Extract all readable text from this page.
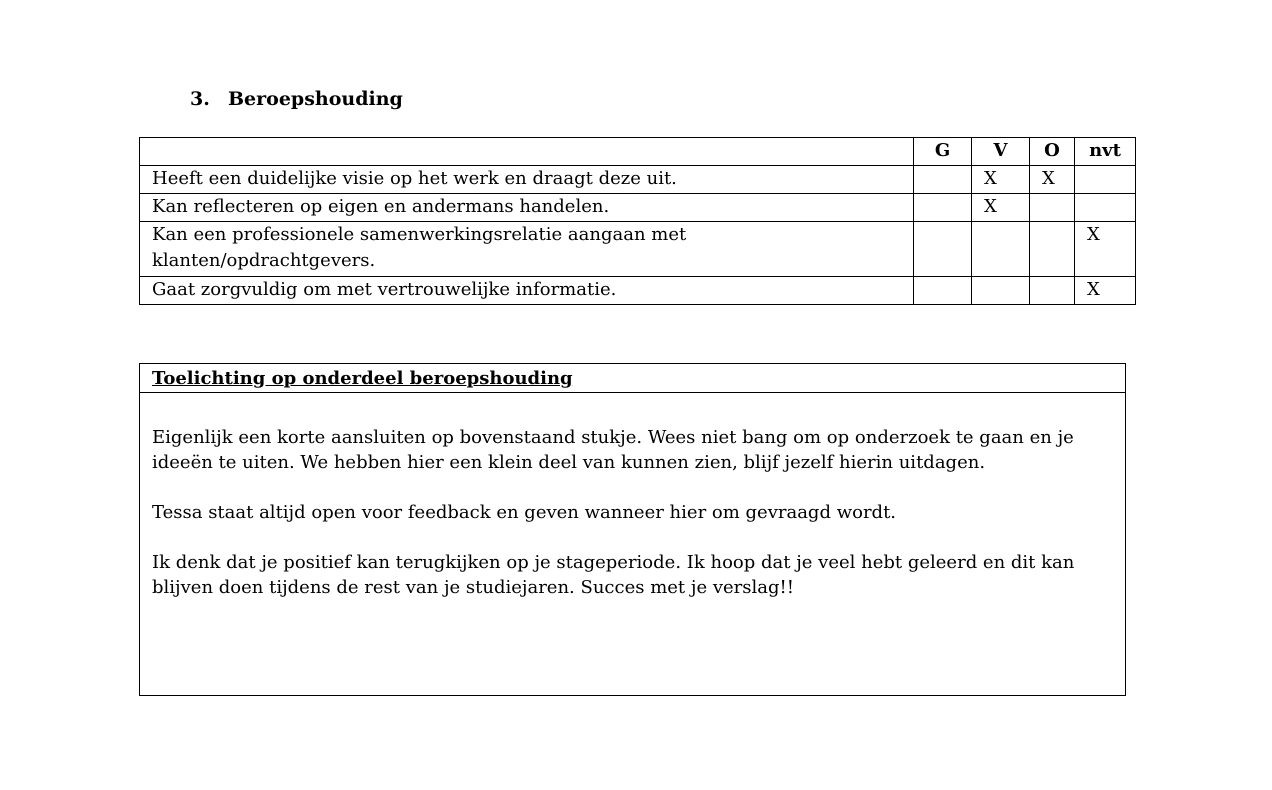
3. Beroepshouding
	G	V	O	nvt
Heeft een duidelijke visie op het werk en draagt deze uit.		X	X	
Kan reflecteren op eigen en andermans handelen.		X		
Kan een professionele samenwerkingsrelatie aangaan met klanten/opdrachtgevers.				X
Gaat zorgvuldig om met vertrouwelijke informatie.				X
Toelichting op onderdeel beroepshouding

Eigenlijk een korte aansluiten op bovenstaand stukje. Wees niet bang om op onderzoek te gaan en je ideeën te uiten. We hebben hier een klein deel van kunnen zien, blijf jezelf hierin uitdagen.

Tessa staat altijd open voor feedback en geven wanneer hier om gevraagd wordt.

Ik denk dat je positief kan terugkijken op je stageperiode. Ik hoop dat je veel hebt geleerd en dit kan blijven doen tijdens de rest van je studiejaren. Succes met je verslag!!
